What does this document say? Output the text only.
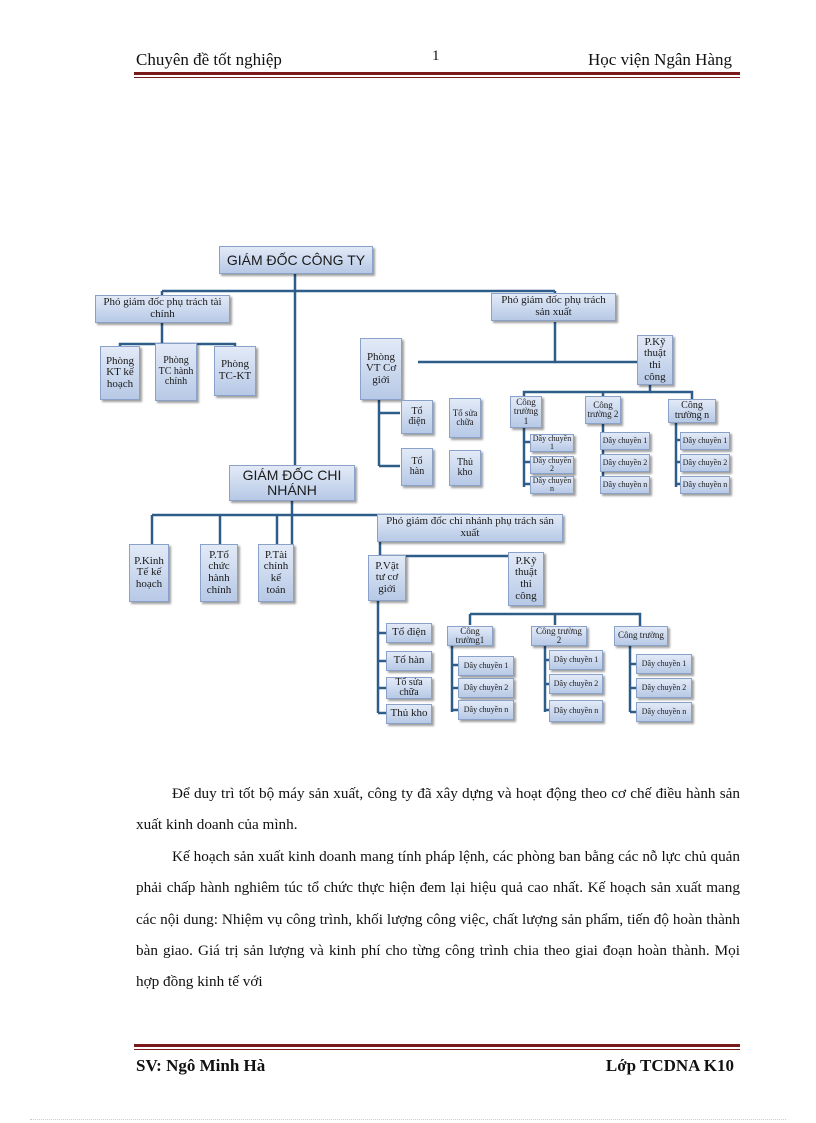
Chuyên đề tốt nghiệp	1	Học viện Ngân Hàng
GIÁM ĐỐC CÔNG TY
Phó giám đốc phụ trách tài chính
Phòng KT kế hoạch
Phòng TC hành chính
Phòng TC-KT
Phó giám đốc phụ trách sản xuất
Phòng VT Cơ giới
P.Kỹ thuật thi công
Tổ điện
Tổ sửa chữa
Tổ hàn
Thủ kho
Công trường 1
Công trường 2
Công trường n
Dây chuyền 1
Dây chuyền 2
Dây chuyền n
Dây chuyền 1
Dây chuyền 2
Dây chuyền n
Dây chuyền 1
Dây chuyền 2
Dây chuyền n
GIÁM ĐỐC CHI NHÁNH
P.Kinh Tế kế hoạch
P.Tổ chức hành chính
P.Tài chính kế toán
Phó giám đốc chi nhánh phụ trách sản xuất
P.Vật tư cơ giới
P.Kỹ thuật thi công
Tổ điện
Tổ hàn
Tổ sửa chữa
Thủ kho
Công trường1
Công trường 2	Công trường
Dây chuyền 1
Dây chuyền 2
Dây chuyền n
Dây chuyền 1
Dây chuyền 2
Dây chuyền n
Dây chuyền 1
Dây chuyền 2
Dây chuyền n

Để duy trì tốt bộ máy sản xuất, công ty đã xây dựng và hoạt động theo cơ chế điều hành sản xuất kinh doanh của mình.

Kế hoạch sản xuất kinh doanh mang tính pháp lệnh, các phòng ban bằng các nỗ lực chủ quản phải chấp hành nghiêm túc tổ chức thực hiện đem lại hiệu quả cao nhất. Kế hoạch sản xuất mang các nội dung: Nhiệm vụ công trình, khối lượng công việc, chất lượng sản phẩm, tiến độ hoàn thành bàn giao. Giá trị sản lượng và kinh phí cho từng công trình chia theo giai đoạn hoàn thành. Mọi hợp đồng kinh tế với

SV: Ngô Minh Hà	Lớp TCDNA K10
